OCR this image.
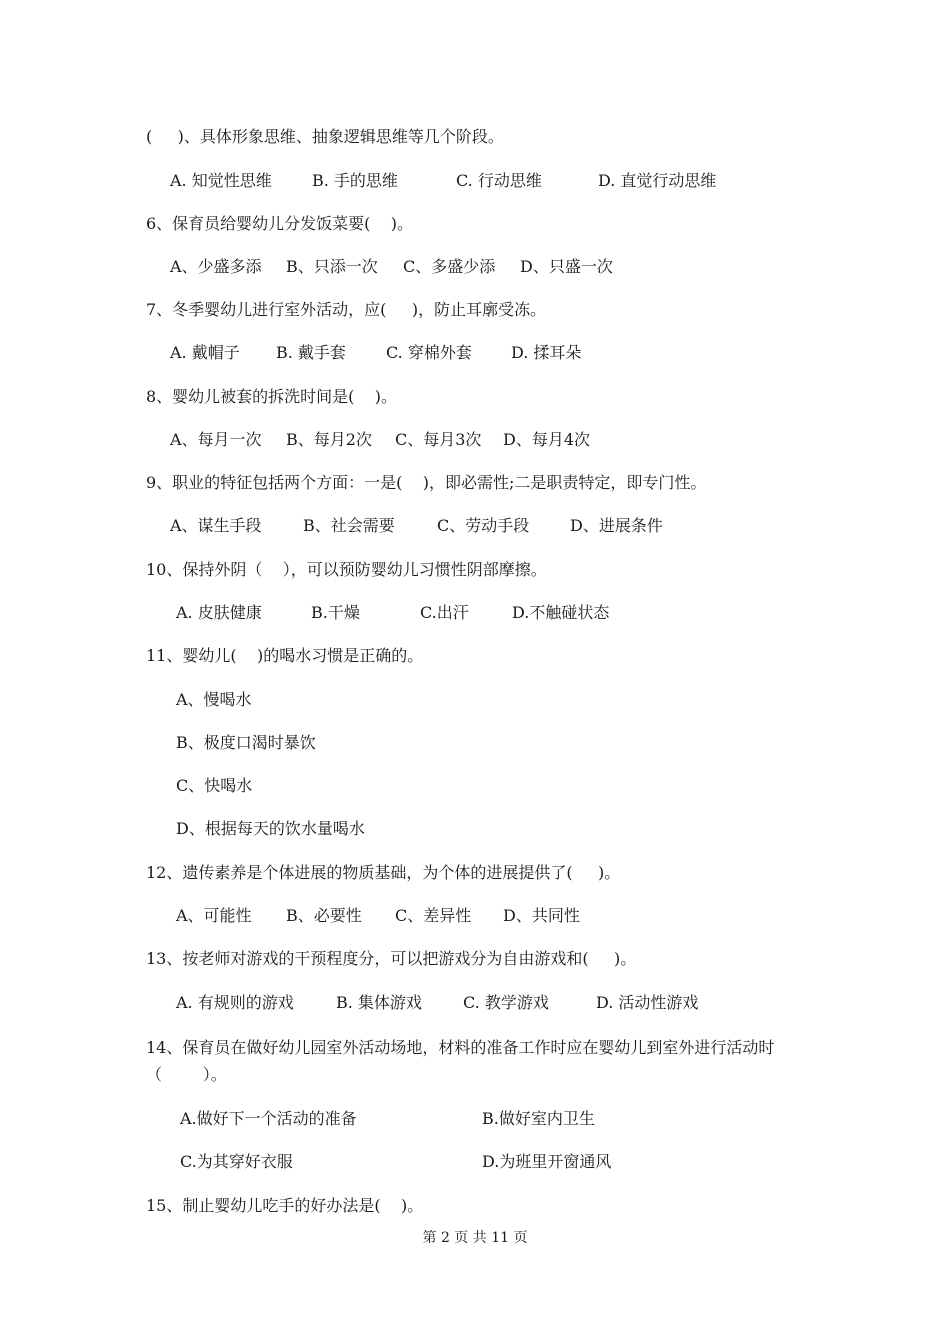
(     )、具体形象思维、抽象逻辑思维等几个阶段。
A. 知觉性思维	B. 手的思维	C. 行动思维	D. 直觉行动思维
6、保育员给婴幼儿分发饭菜要(    )。
A、少盛多添 B、只添一次 C、多盛少添 D、只盛一次
7、冬季婴幼儿进行室外活动，应(     )，防止耳廓受冻。
A. 戴帽子 B. 戴手套	C. 穿棉外套 D. 揉耳朵
8、婴幼儿被套的拆洗时间是(    )。
A、每月一次 B、每月2次 C、每月3次 D、每月4次
9、职业的特征包括两个方面：一是(    )，即必需性;二是职责特定，即专门性。
A、谋生手段	B、社会需要	C、劳动手段	D、进展条件
10、保持外阴（    ），可以预防婴幼儿习惯性阴部摩擦。
A. 皮肤健康	B.干燥	C.出汗	D.不触碰状态
11、婴幼儿(    )的喝水习惯是正确的。
A、慢喝水
B、极度口渴时暴饮
C、快喝水
D、根据每天的饮水量喝水
12、遗传素养是个体进展的物质基础，为个体的进展提供了(     )。
A、可能性 B、必要性 C、差异性 D、共同性
13、按老师对游戏的干预程度分，可以把游戏分为自由游戏和(     )。
A. 有规则的游戏	B. 集体游戏	C. 教学游戏	D. 活动性游戏
14、保育员在做好幼儿园室外活动场地，材料的准备工作时应在婴幼儿到室外进行活动时
（        ）。
A.做好下一个活动的准备	B.做好室内卫生
C.为其穿好衣服	D.为班里开窗通风
15、制止婴幼儿吃手的好办法是(    )。
第 2 页 共 11 页
